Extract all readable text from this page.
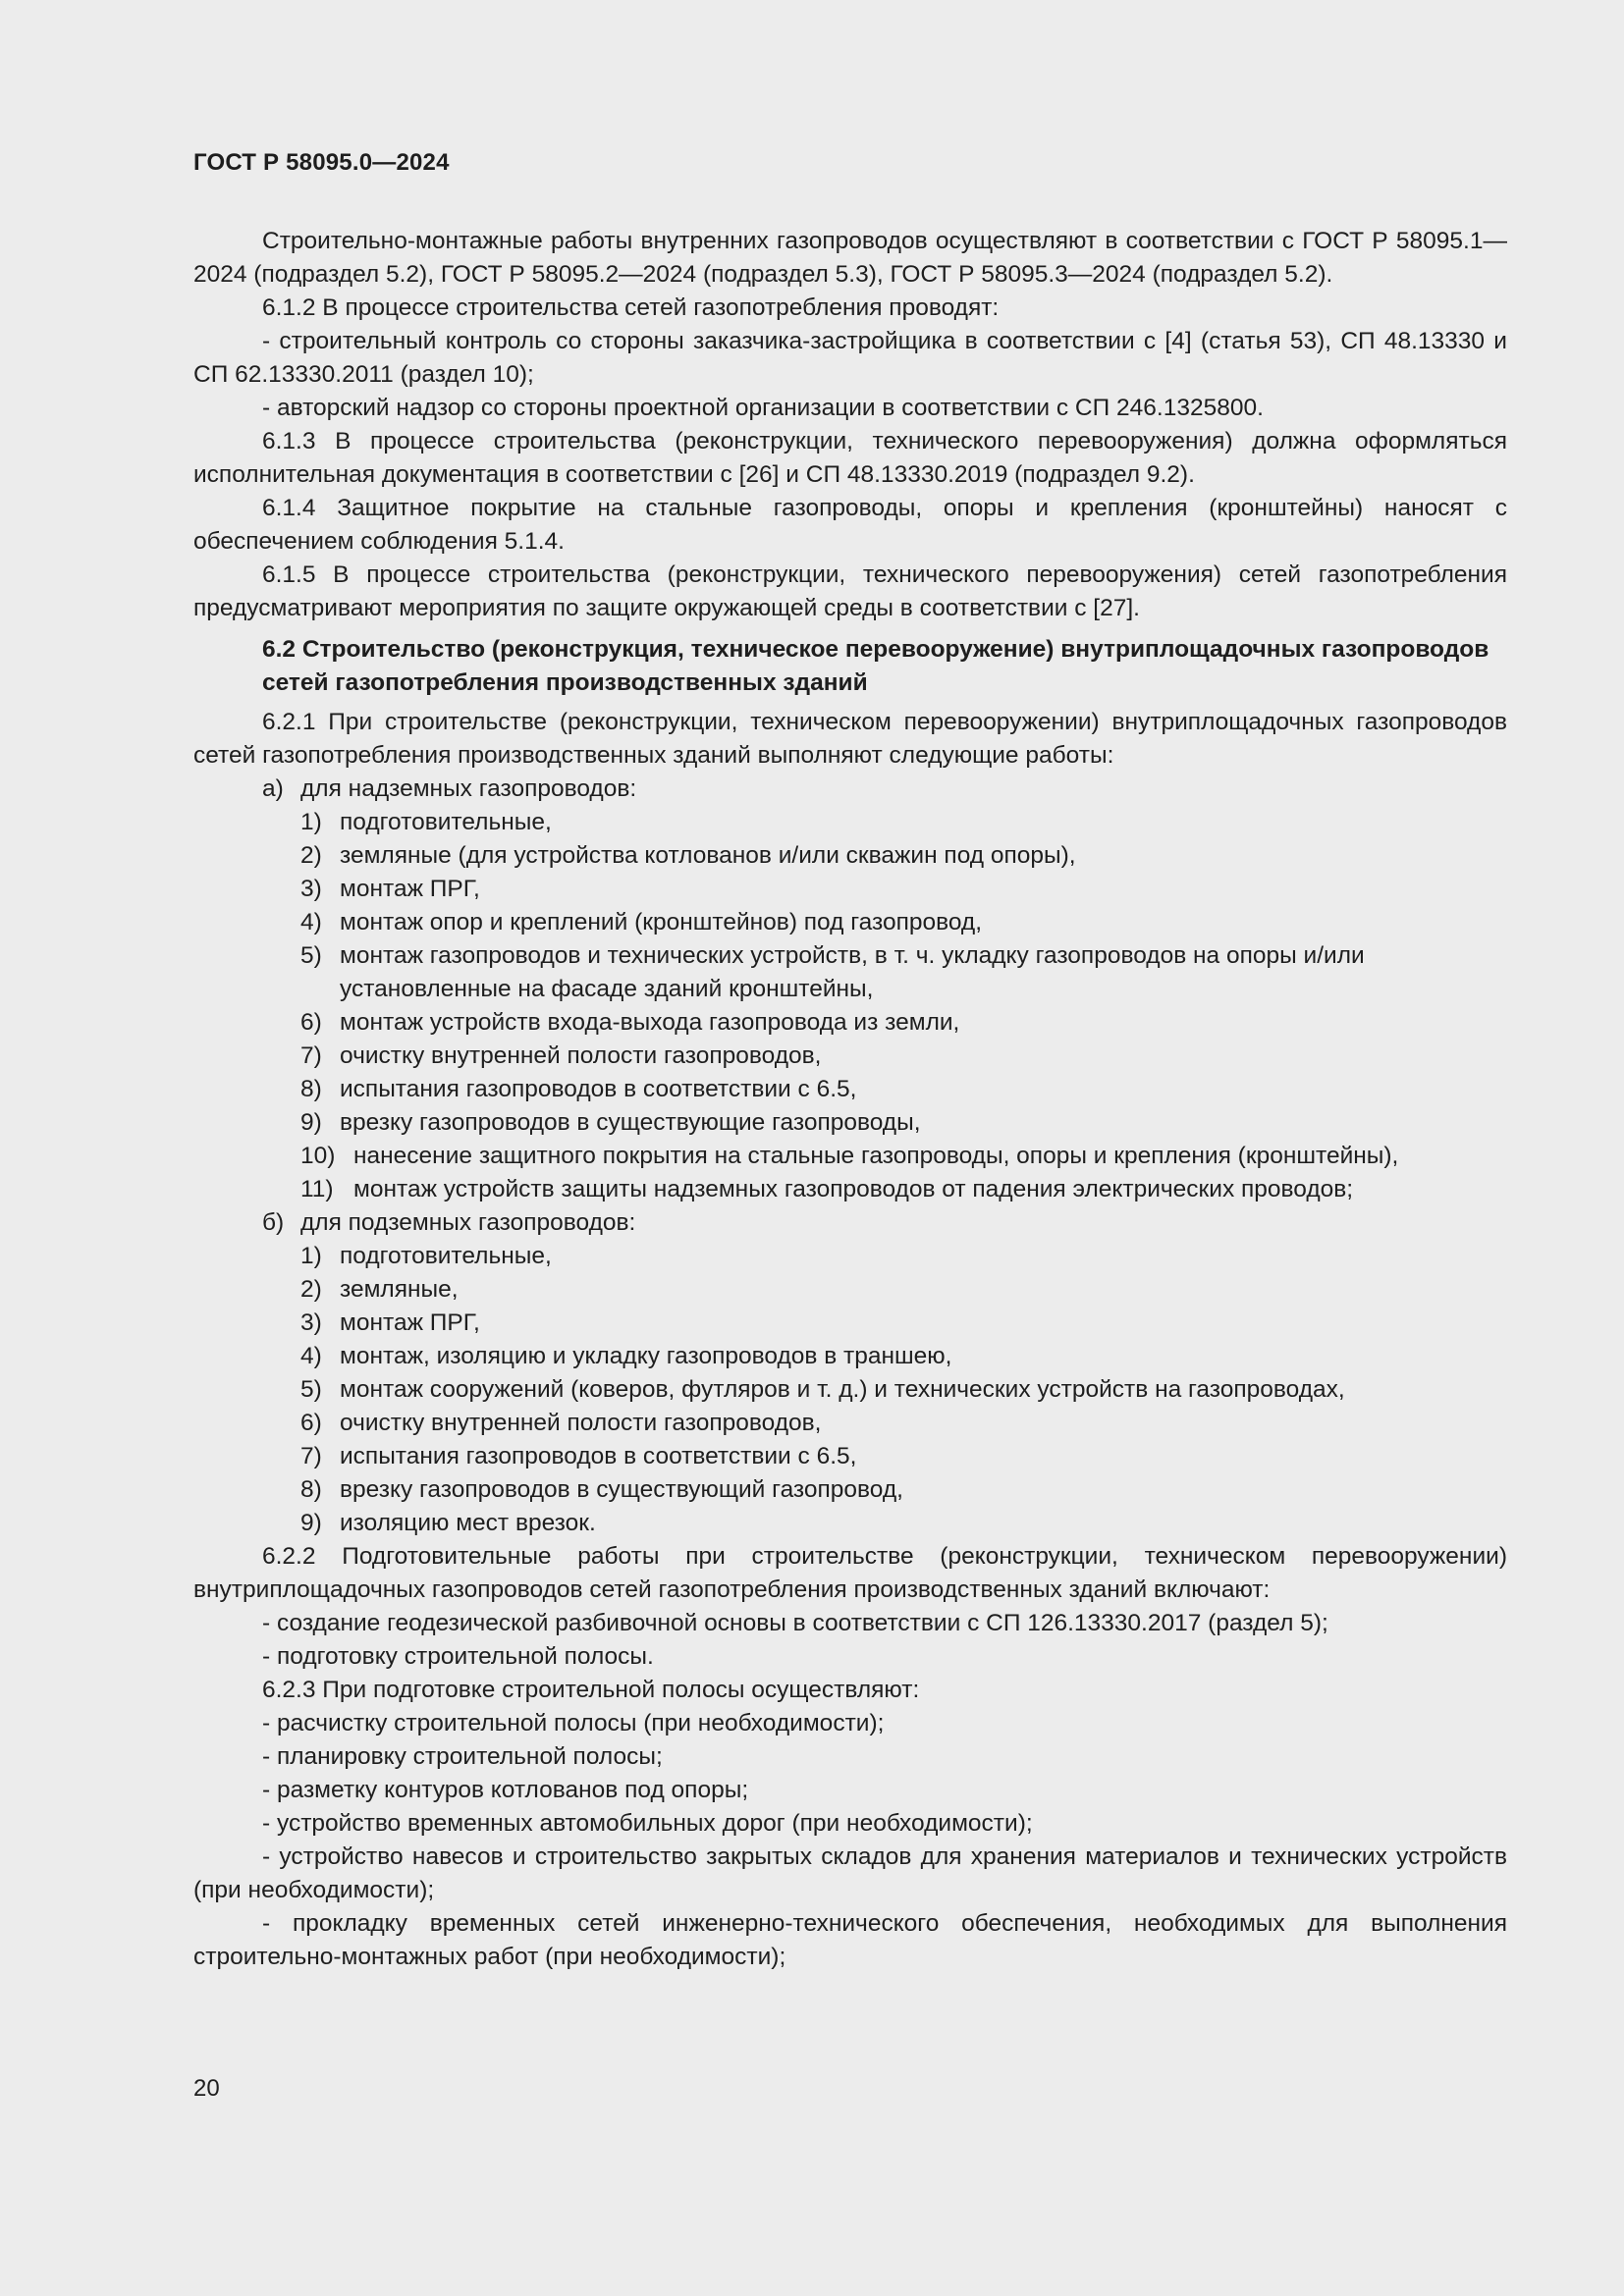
ГОСТ Р 58095.0—2024

Строительно-монтажные работы внутренних газопроводов осуществляют в соответствии с ГОСТ Р 58095.1—2024 (подраздел 5.2), ГОСТ Р 58095.2—2024 (подраздел 5.3), ГОСТ Р 58095.3—2024 (подраздел 5.2).

6.1.2 В процессе строительства сетей газопотребления проводят:

- строительный контроль со стороны заказчика-застройщика в соответствии с [4] (статья 53), СП 48.13330 и СП 62.13330.2011 (раздел 10);

- авторский надзор со стороны проектной организации в соответствии с СП 246.1325800.

6.1.3 В процессе строительства (реконструкции, технического перевооружения) должна оформляться исполнительная документация в соответствии с [26] и СП 48.13330.2019 (подраздел 9.2).

6.1.4 Защитное покрытие на стальные газопроводы, опоры и крепления (кронштейны) наносят с обеспечением соблюдения 5.1.4.

6.1.5 В процессе строительства (реконструкции, технического перевооружения) сетей газопотребления предусматривают мероприятия по защите окружающей среды в соответствии с [27].

6.2 Строительство (реконструкция, техническое перевооружение) внутриплощадочных газопроводов сетей газопотребления производственных зданий

6.2.1 При строительстве (реконструкции, техническом перевооружении) внутриплощадочных газопроводов сетей газопотребления производственных зданий выполняют следующие работы:

а) для надземных газопроводов:
1) подготовительные,
2) земляные (для устройства котлованов и/или скважин под опоры),
3) монтаж ПРГ,
4) монтаж опор и креплений (кронштейнов) под газопровод,
5) монтаж газопроводов и технических устройств, в т. ч. укладку газопроводов на опоры и/или установленные на фасаде зданий кронштейны,
6) монтаж устройств входа-выхода газопровода из земли,
7) очистку внутренней полости газопроводов,
8) испытания газопроводов в соответствии с 6.5,
9) врезку газопроводов в существующие газопроводы,
10) нанесение защитного покрытия на стальные газопроводы, опоры и крепления (кронштейны),
11) монтаж устройств защиты надземных газопроводов от падения электрических проводов;
б) для подземных газопроводов:
1) подготовительные,
2) земляные,
3) монтаж ПРГ,
4) монтаж, изоляцию и укладку газопроводов в траншею,
5) монтаж сооружений (коверов, футляров и т. д.) и технических устройств на газопроводах,
6) очистку внутренней полости газопроводов,
7) испытания газопроводов в соответствии с 6.5,
8) врезку газопроводов в существующий газопровод,
9) изоляцию мест врезок.

6.2.2 Подготовительные работы при строительстве (реконструкции, техническом перевооружении) внутриплощадочных газопроводов сетей газопотребления производственных зданий включают:

- создание геодезической разбивочной основы в соответствии с СП 126.13330.2017 (раздел 5);

- подготовку строительной полосы.

6.2.3 При подготовке строительной полосы осуществляют:

- расчистку строительной полосы (при необходимости);

- планировку строительной полосы;

- разметку контуров котлованов под опоры;

- устройство временных автомобильных дорог (при необходимости);

- устройство навесов и строительство закрытых складов для хранения материалов и технических устройств (при необходимости);

- прокладку временных сетей инженерно-технического обеспечения, необходимых для выполнения строительно-монтажных работ (при необходимости);

20
